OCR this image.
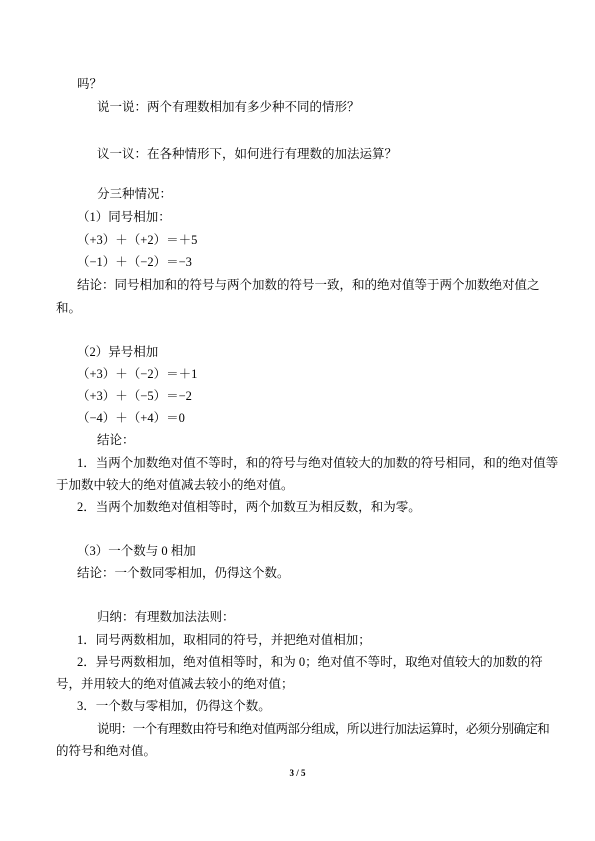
吗？
说一说：两个有理数相加有多少种不同的情形？
议一议：在各种情形下，如何进行有理数的加法运算？
分三种情况：
（1）同号相加：
（+3）＋（+2）＝＋5
（−1）＋（−2）＝−3
结论：同号相加和的符号与两个加数的符号一致，和的绝对值等于两个加数绝对值之
和。
（2）异号相加
（+3）＋（−2）＝＋1
（+3）＋（−5）＝−2
（−4）＋（+4）＝0
结论：
1．当两个加数绝对值不等时，和的符号与绝对值较大的加数的符号相同，和的绝对值等
于加数中较大的绝对值减去较小的绝对值。
2．当两个加数绝对值相等时，两个加数互为相反数，和为零。
（3）一个数与 0 相加
结论：一个数同零相加，仍得这个数。
归纳：有理数加法法则：
1．同号两数相加，取相同的符号，并把绝对值相加；
2．异号两数相加，绝对值相等时，和为 0；绝对值不等时，取绝对值较大的加数的符
号，并用较大的绝对值减去较小的绝对值；
3．一个数与零相加，仍得这个数。
说明：一个有理数由符号和绝对值两部分组成，所以进行加法运算时，必须分别确定和
的符号和绝对值。
3 / 5
